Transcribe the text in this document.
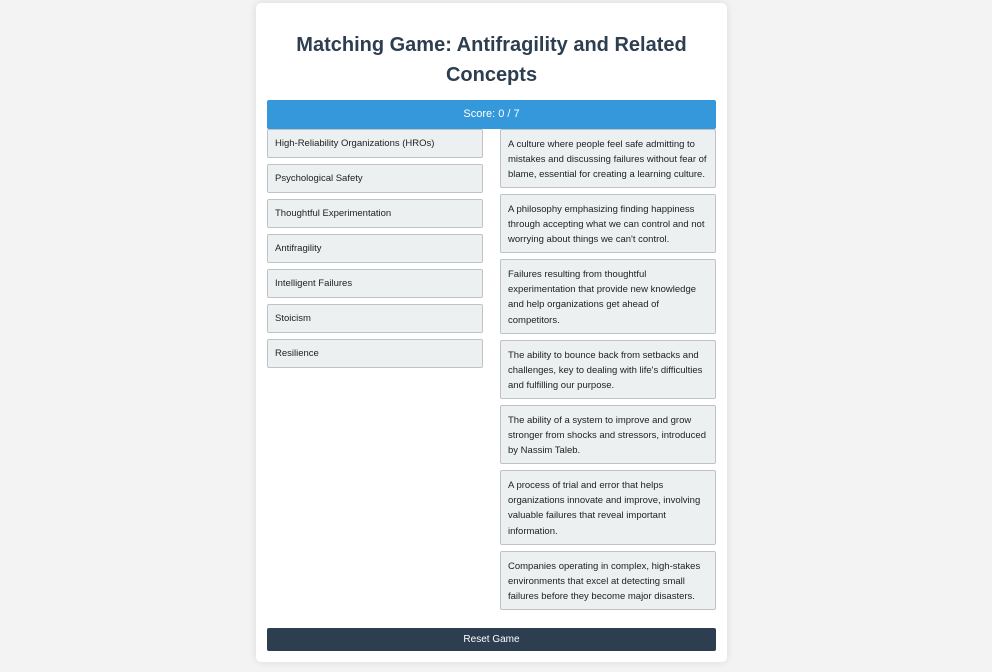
Matching Game: Antifragility and Related Concepts
Score: 0 / 7
High-Reliability Organizations (HROs)
Psychological Safety
Thoughtful Experimentation
Antifragility
Intelligent Failures
Stoicism
Resilience
A culture where people feel safe admitting to mistakes and discussing failures without fear of blame, essential for creating a learning culture.
A philosophy emphasizing finding happiness through accepting what we can control and not worrying about things we can't control.
Failures resulting from thoughtful experimentation that provide new knowledge and help organizations get ahead of competitors.
The ability to bounce back from setbacks and challenges, key to dealing with life's difficulties and fulfilling our purpose.
The ability of a system to improve and grow stronger from shocks and stressors, introduced by Nassim Taleb.
A process of trial and error that helps organizations innovate and improve, involving valuable failures that reveal important information.
Companies operating in complex, high-stakes environments that excel at detecting small failures before they become major disasters.
Reset Game
